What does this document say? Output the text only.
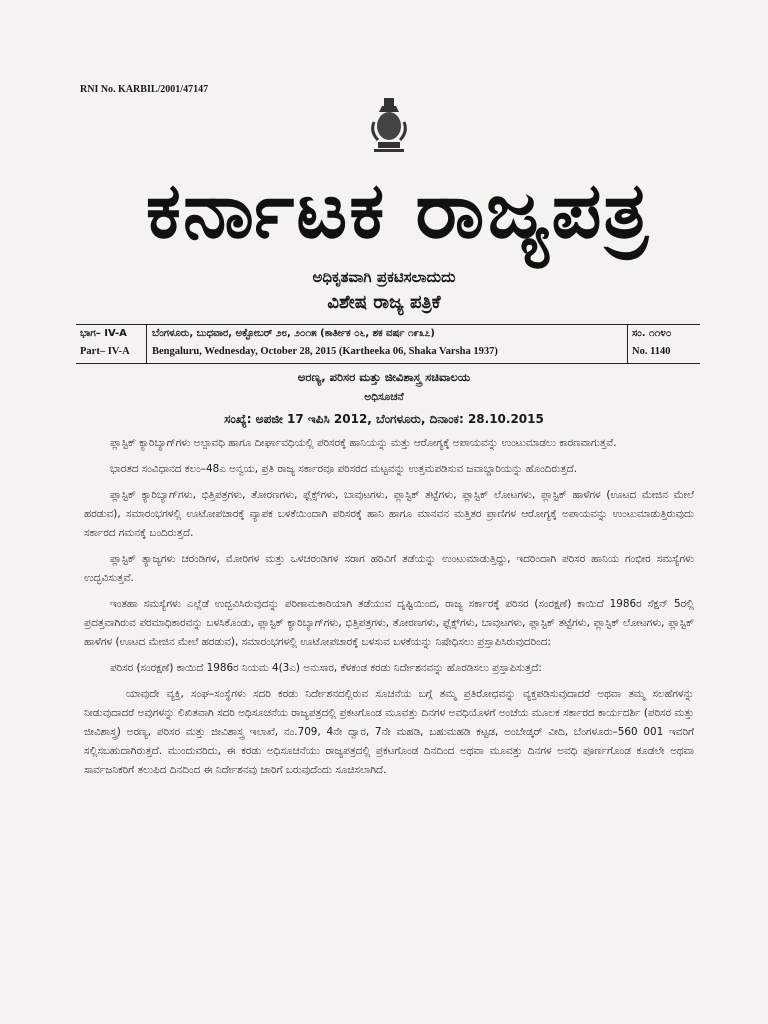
RNI No. KARBIL/2001/47147
ಕರ್ನಾಟಕ ರಾಜ್ಯಪತ್ರ
ಅಧಿಕೃತವಾಗಿ ಪ್ರಕಟಿಸಲಾದುದು
ವಿಶೇಷ ರಾಜ್ಯ ಪತ್ರಿಕೆ
ಭಾಗ– IV-A
Part– IV-A
ಬೆಂಗಳೂರು, ಬುಧವಾರ, ಅಕ್ಟೋಬರ್ ೨೮, ೨೦೧೫ (ಕಾರ್ತೀಕ ೦೬, ಶಕ ವರ್ಷ ೧೯೩೭)
Bengaluru, Wednesday, October 28, 2015 (Kartheeka 06, Shaka Varsha 1937)
ಸಂ. ೧೧೪೦
No. 1140
ಅರಣ್ಯ, ಪರಿಸರ ಮತ್ತು ಜೀವಿಶಾಸ್ತ್ರ ಸಚಿವಾಲಯ
ಅಧಿಸೂಚನೆ
ಸಂಖ್ಯೆ: ಅಪಜೀ 17 ಇಪಿಸಿ 2012, ಬೆಂಗಳೂರು, ದಿನಾಂಕ: 28.10.2015

ಪ್ಲಾಸ್ಟಿಕ್ ಕ್ಯಾರಿಬ್ಯಾಗ್‌ಗಳು ಅಲ್ಪಾವಧಿ ಹಾಗೂ ದೀರ್ಘಾವಧಿಯಲ್ಲಿ ಪರಿಸರಕ್ಕೆ ಹಾನಿಯನ್ನು ಮತ್ತು ಆರೋಗ್ಯಕ್ಕೆ ಅಪಾಯವನ್ನು ಉಂಟುಮಾಡಲು ಕಾರಣವಾಗುತ್ತವೆ.

ಭಾರತದ ಸಂವಿಧಾನದ ಕಲಂ–48ಎ ಅನ್ವಯ, ಪ್ರತಿ ರಾಜ್ಯ ಸರ್ಕಾರವೂ ಪರಿಸರದ ಮಟ್ಟವನ್ನು ಉತ್ತಮಪಡಿಸುವ ಜವಾಬ್ದಾರಿಯನ್ನು ಹೊಂದಿರುತ್ತದೆ.

ಪ್ಲಾಸ್ಟಿಕ್ ಕ್ಯಾರಿಬ್ಯಾಗ್‌ಗಳು, ಭಿತ್ತಿಪತ್ರಗಳು, ತೋರಣಗಳು, ಫ್ಲೆಕ್ಸ್‌ಗಳು, ಬಾವುಟಗಳು, ಪ್ಲಾಸ್ಟಿಕ್ ತಟ್ಟೆಗಳು, ಪ್ಲಾಸ್ಟಿಕ್ ಲೋಟಗಳು, ಪ್ಲಾಸ್ಟಿಕ್ ಹಾಳೆಗಳ (ಊಟದ ಮೇಜಿನ ಮೇಲೆ ಹರಡುವ), ಸಮಾರಂಭಗಳಲ್ಲಿ ಊಟೋಪಚಾರಕ್ಕೆ ವ್ಯಾಪಕ ಬಳಕೆಯಿಂದಾಗಿ ಪರಿಸರಕ್ಕೆ ಹಾನಿ ಹಾಗೂ ಮಾನವನ ಮತ್ತಿತರ ಪ್ರಾಣಿಗಳ ಆರೋಗ್ಯಕ್ಕೆ ಅಪಾಯವನ್ನು ಉಂಟುಮಾಡುತ್ತಿರುವುದು ಸರ್ಕಾರದ ಗಮನಕ್ಕೆ ಬಂದಿರುತ್ತದೆ.

ಪ್ಲಾಸ್ಟಿಕ್ ತ್ಯಾಜ್ಯಗಳು ಚರಂಡಿಗಳ, ಮೋರಿಗಳ ಮತ್ತು ಒಳಚರಂಡಿಗಳ ಸರಾಗ ಹರಿವಿಗೆ ತಡೆಯನ್ನು ಉಂಟುಮಾಡುತ್ತಿದ್ದು, ಇದರಿಂದಾಗಿ ಪರಿಸರ ಹಾನಿಯ ಗಂಭೀರ ಸಮಸ್ಯೆಗಳು ಉದ್ಭವಿಸುತ್ತವೆ.

ಇಂತಹಾ ಸಮಸ್ಯೆಗಳು ಎಲ್ಲೆಡೆ ಉದ್ಭವಿಸಿರುವುದನ್ನು ಪರಿಣಾಮಕಾರಿಯಾಗಿ ತಡೆಯುವ ದೃಷ್ಟಿಯಿಂದ, ರಾಜ್ಯ ಸರ್ಕಾರಕ್ಕೆ ಪರಿಸರ (ಸಂರಕ್ಷಣೆ) ಕಾಯಿದೆ 1986ರ ಸೆಕ್ಷನ್ 5ರಲ್ಲಿ ಪ್ರದತ್ತವಾಗಿರುವ ಪರಮಾಧಿಕಾರವನ್ನು ಬಳಸಿಕೊಂಡು, ಪ್ಲಾಸ್ಟಿಕ್ ಕ್ಯಾರಿಬ್ಯಾಗ್‌ಗಳು, ಭಿತ್ತಿಪತ್ರಗಳು, ತೋರಣಗಳು, ಫ್ಲೆಕ್ಸ್‌ಗಳು, ಬಾವುಟಗಳು, ಪ್ಲಾಸ್ಟಿಕ್ ತಟ್ಟೆಗಳು, ಪ್ಲಾಸ್ಟಿಕ್ ಲೋಟಗಳು, ಪ್ಲಾಸ್ಟಿಕ್ ಹಾಳೆಗಳ (ಊಟದ ಮೇಜಿನ ಮೇಲೆ ಹರಡುವ), ಸಮಾರಂಭಗಳಲ್ಲಿ ಊಟೋಪಚಾರಕ್ಕೆ ಬಳಸುವ ಬಳಕೆಯನ್ನು ನಿಷೇಧಿಸಲು ಪ್ರಸ್ತಾಪಿಸಿರುವುದರಿಂದ:

ಪರಿಸರ (ಸಂರಕ್ಷಣೆ) ಕಾಯಿದೆ 1986ರ ನಿಯಮ 4(3ಎ) ಅನುಸಾರ, ಕೆಳಕಂಡ ಕರಡು ನಿರ್ದೇಶನವನ್ನು ಹೊರಡಿಸಲು ಪ್ರಸ್ತಾಪಿಸುತ್ತದೆ:

ಯಾವುದೇ ವ್ಯಕ್ತಿ, ಸಂಘ–ಸಂಸ್ಥೆಗಳು ಸದರಿ ಕರಡು ನಿರ್ದೇಶನದಲ್ಲಿರುವ ಸೂಚನೆಯ ಬಗ್ಗೆ ತಮ್ಮ ಪ್ರತಿರೋಧವನ್ನು ವ್ಯಕ್ತಪಡಿಸುವುದಾದರೆ ಅಥವಾ ತಮ್ಮ ಸಲಹೆಗಳನ್ನು ನೀಡುವುದಾದರೆ ಅವುಗಳನ್ನು ಲಿಖಿತವಾಗಿ ಸದರಿ ಅಧಿಸೂಚನೆಯ ರಾಜ್ಯಪತ್ರದಲ್ಲಿ ಪ್ರಕಟಗೊಂಡ ಮೂವತ್ತು ದಿನಗಳ ಅವಧಿಯೊಳಗೆ ಅಂಚೆಯ ಮೂಲಕ ಸರ್ಕಾರದ ಕಾರ್ಯದರ್ಶಿ (ಪರಿಸರ ಮತ್ತು ಜೀವಿಶಾಸ್ತ್ರ) ಅರಣ್ಯ, ಪರಿಸರ ಮತ್ತು ಜೀವಿಶಾಸ್ತ್ರ ಇಲಾಖೆ, ನಂ.709, 4ನೇ ದ್ವಾರ, 7ನೇ ಮಹಡಿ, ಬಹುಮಹಡಿ ಕಟ್ಟಡ, ಅಂಬೇಡ್ಕರ್ ವೀದಿ, ಬೆಂಗಳೂರು–560 001 ಇವರಿಗೆ ಸಲ್ಲಿಸಬಹುದಾಗಿರುತ್ತದೆ. ಮುಂದುವರಿದು, ಈ ಕರಡು ಅಧಿಸೂಚನೆಯು ರಾಜ್ಯಪತ್ರದಲ್ಲಿ ಪ್ರಕಟಗೊಂಡ ದಿನದಿಂದ ಅಥವಾ ಮೂವತ್ತು ದಿನಗಳ ಅವಧಿ ಪೂರ್ಣಗೊಂಡ ಕೂಡಲೇ ಅಥವಾ ಸಾರ್ವಜನಿಕರಿಗೆ ತಲುಪಿದ ದಿನದಿಂದ ಈ ನಿರ್ದೇಶನವು ಜಾರಿಗೆ ಬರುವುದೆಂದು ಸೂಚಿಸಲಾಗಿದೆ.
